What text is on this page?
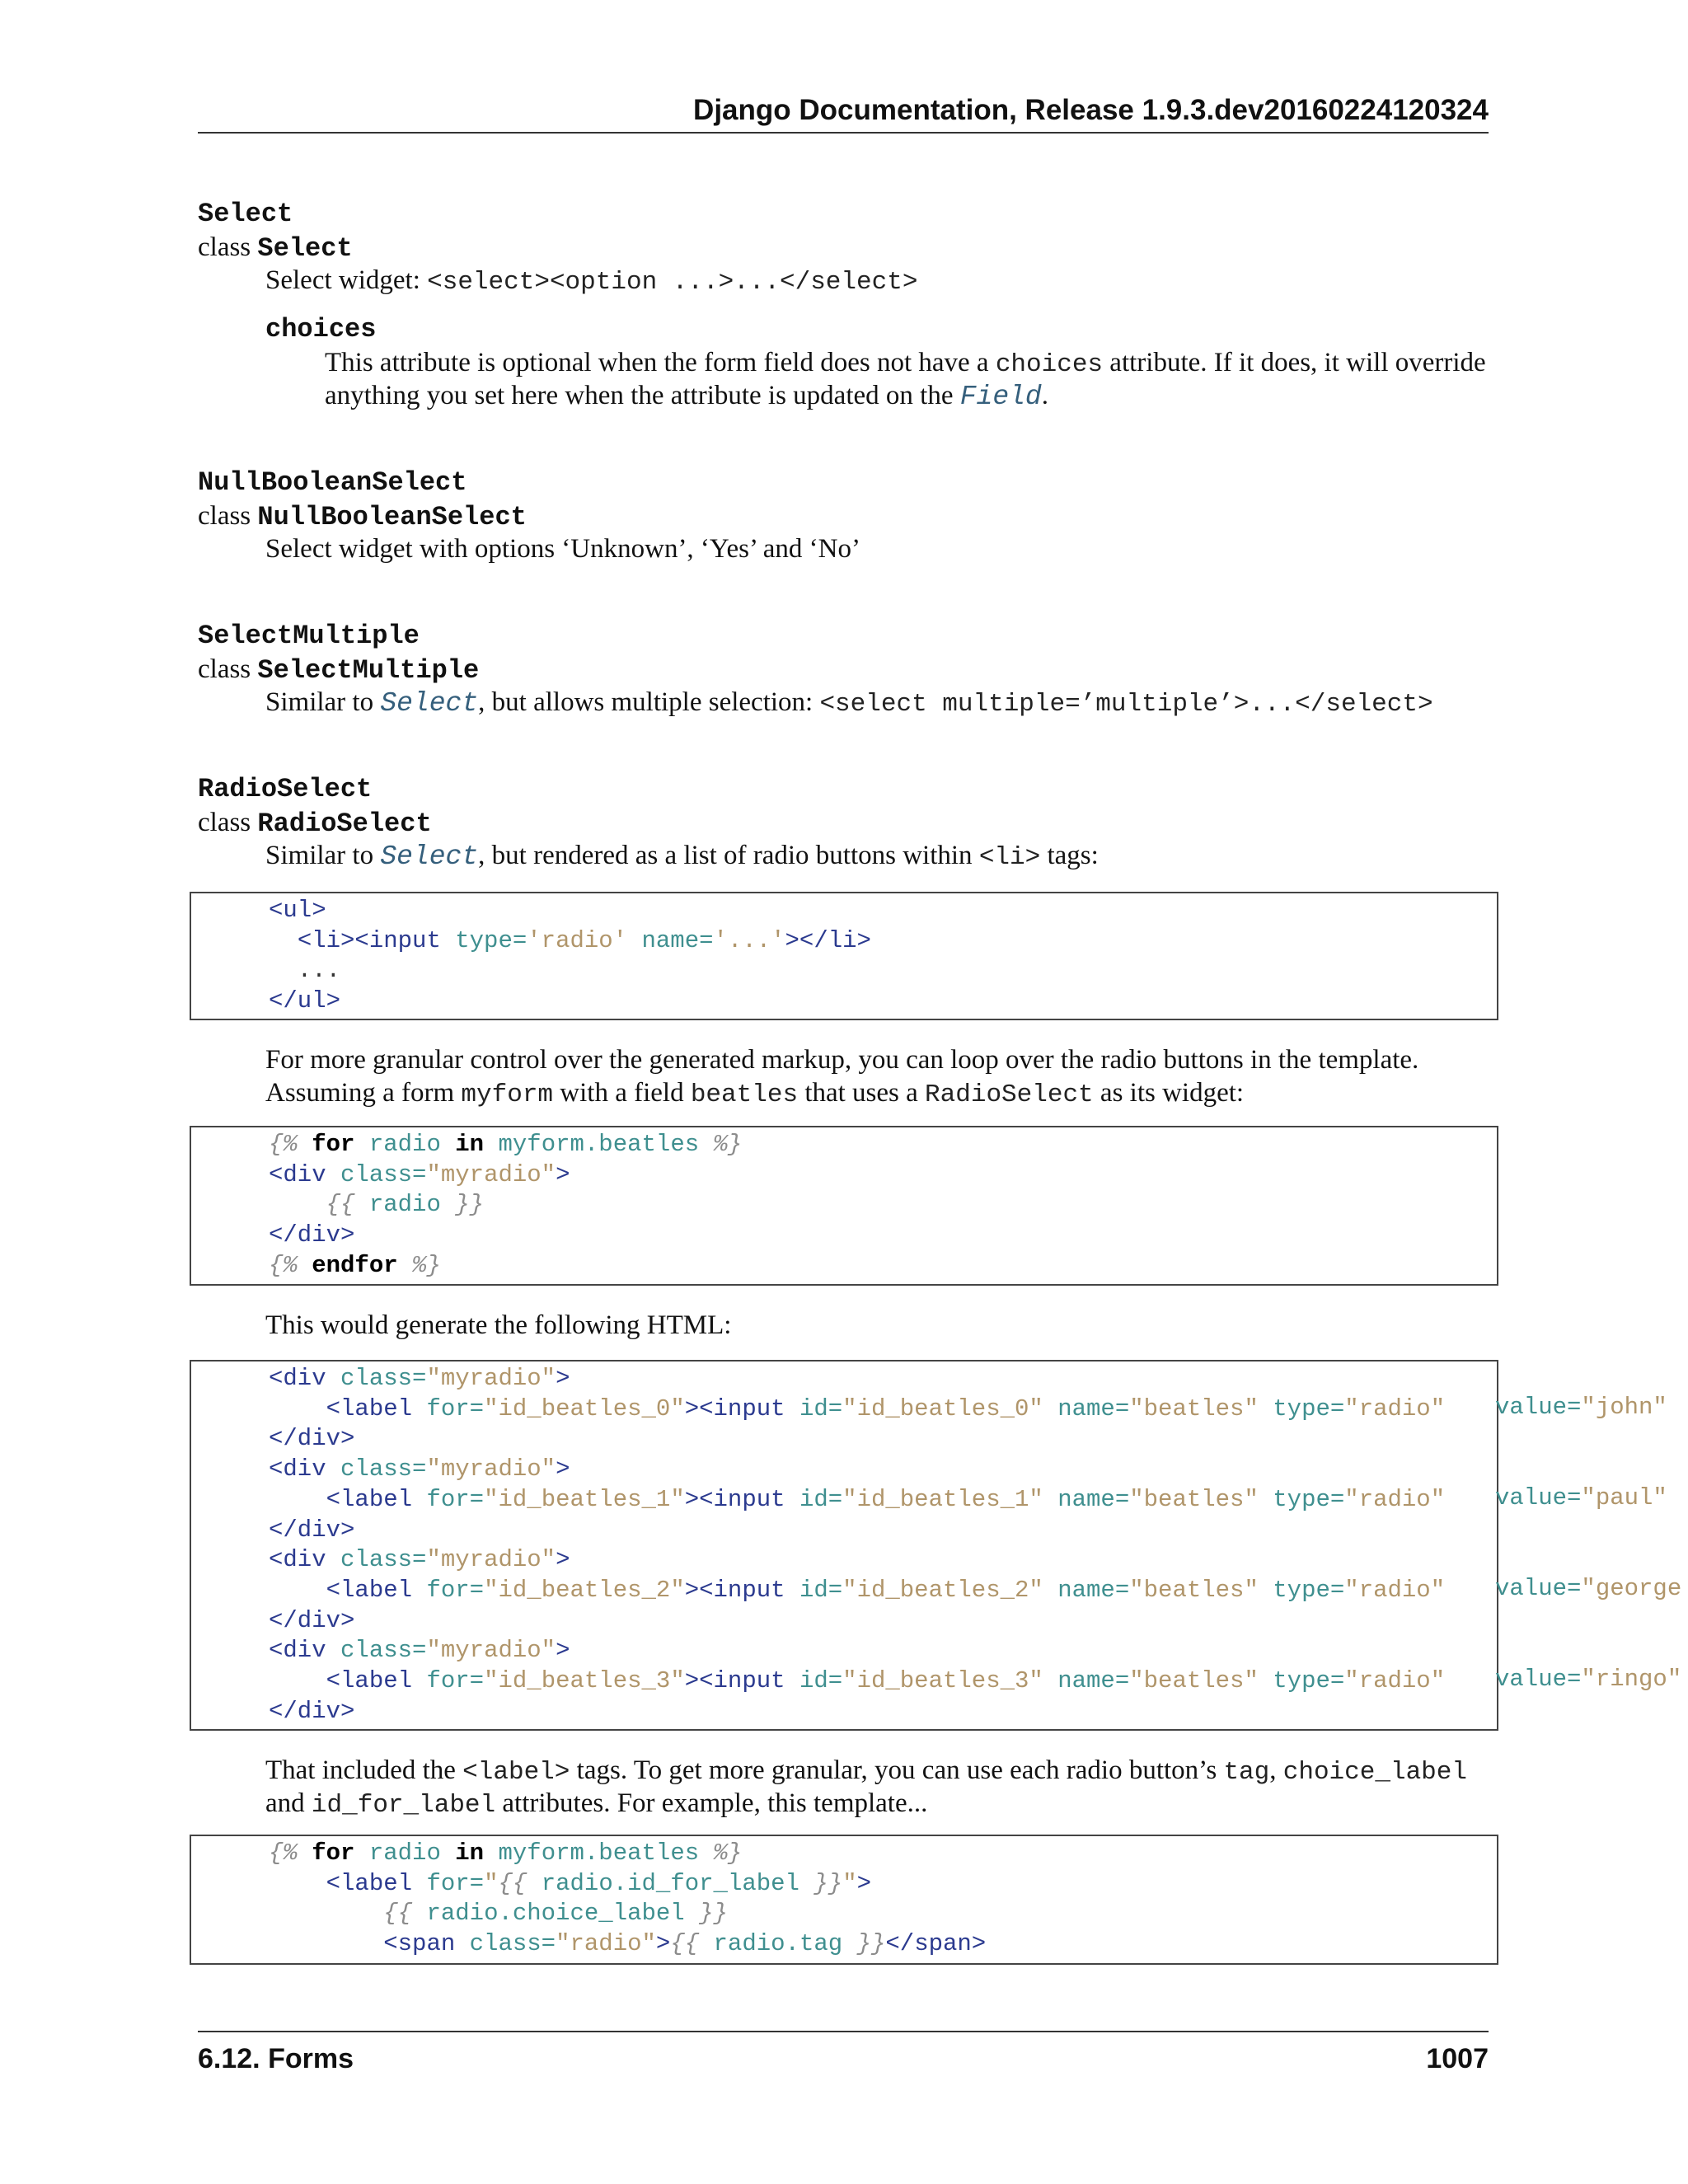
Django Documentation, Release 1.9.3.dev20160224120324
Select
class Select
Select widget: <select><option ...>...</select>
choices
This attribute is optional when the form field does not have a choices attribute. If it does, it will override
anything you set here when the attribute is updated on the Field.
NullBooleanSelect
class NullBooleanSelect
Select widget with options ‘Unknown’, ‘Yes’ and ‘No’
SelectMultiple
class SelectMultiple
Similar to Select, but allows multiple selection: <select multiple=’multiple’>...</select>
RadioSelect
class RadioSelect
Similar to Select, but rendered as a list of radio buttons within <li> tags:
<ul>
<li><input type='radio' name='...'></li>
...
</ul>
For more granular control over the generated markup, you can loop over the radio buttons in the template.
Assuming a form myform with a field beatles that uses a RadioSelect as its widget:
{% for radio in myform.beatles %}
<div class="myradio">
{{ radio }}
</div>
{% endfor %}
This would generate the following HTML:
<div class="myradio">
<label for="id_beatles_0"><input id="id_beatles_0" name="beatles" type="radio"
</div>
<div class="myradio">
<label for="id_beatles_1"><input id="id_beatles_1" name="beatles" type="radio"
</div>
<div class="myradio">
<label for="id_beatles_2"><input id="id_beatles_2" name="beatles" type="radio"
</div>
<div class="myradio">
<label for="id_beatles_3"><input id="id_beatles_3" name="beatles" type="radio"
</div>

value="john"

value="paul"

value="george

value="ringo"
That included the <label> tags. To get more granular, you can use each radio button’s tag, choice_label
and id_for_label attributes. For example, this template...
{% for radio in myform.beatles %}
<label for="{{ radio.id_for_label }}">
{{ radio.choice_label }}
<span class="radio">{{ radio.tag }}</span>
6.12. Forms	1007
